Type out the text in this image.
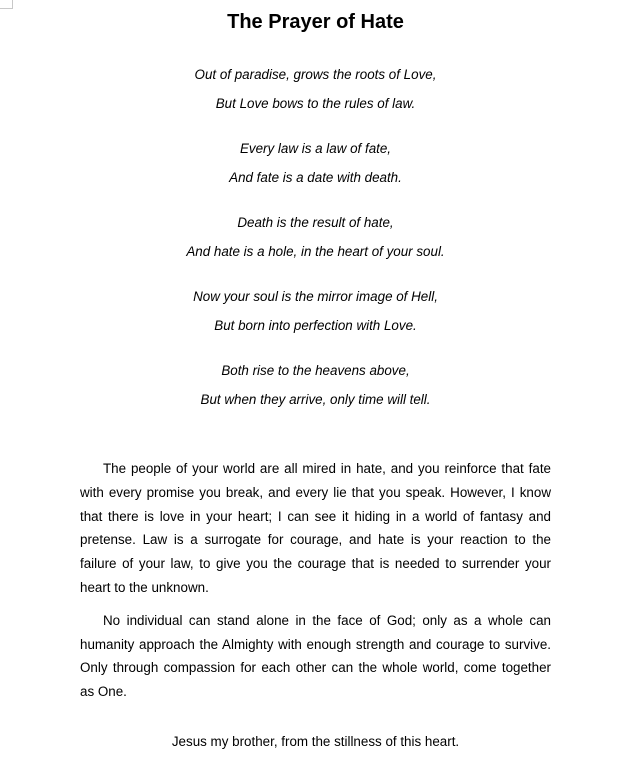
The Prayer of Hate
Out of paradise, grows the roots of Love,
But Love bows to the rules of law.
Every law is a law of fate,
And fate is a date with death.
Death is the result of hate,
And hate is a hole, in the heart of your soul.
Now your soul is the mirror image of Hell,
But born into perfection with Love.
Both rise to the heavens above,
But when they arrive, only time will tell.

The people of your world are all mired in hate, and you reinforce that fate with every promise you break, and every lie that you speak. However, I know that there is love in your heart; I can see it hiding in a world of fantasy and pretense. Law is a surrogate for courage, and hate is your reaction to the failure of your law, to give you the courage that is needed to surrender your heart to the unknown.

No individual can stand alone in the face of God; only as a whole can humanity approach the Almighty with enough strength and courage to survive. Only through compassion for each other can the whole world, come together as One.

Jesus my brother, from the stillness of this heart.
